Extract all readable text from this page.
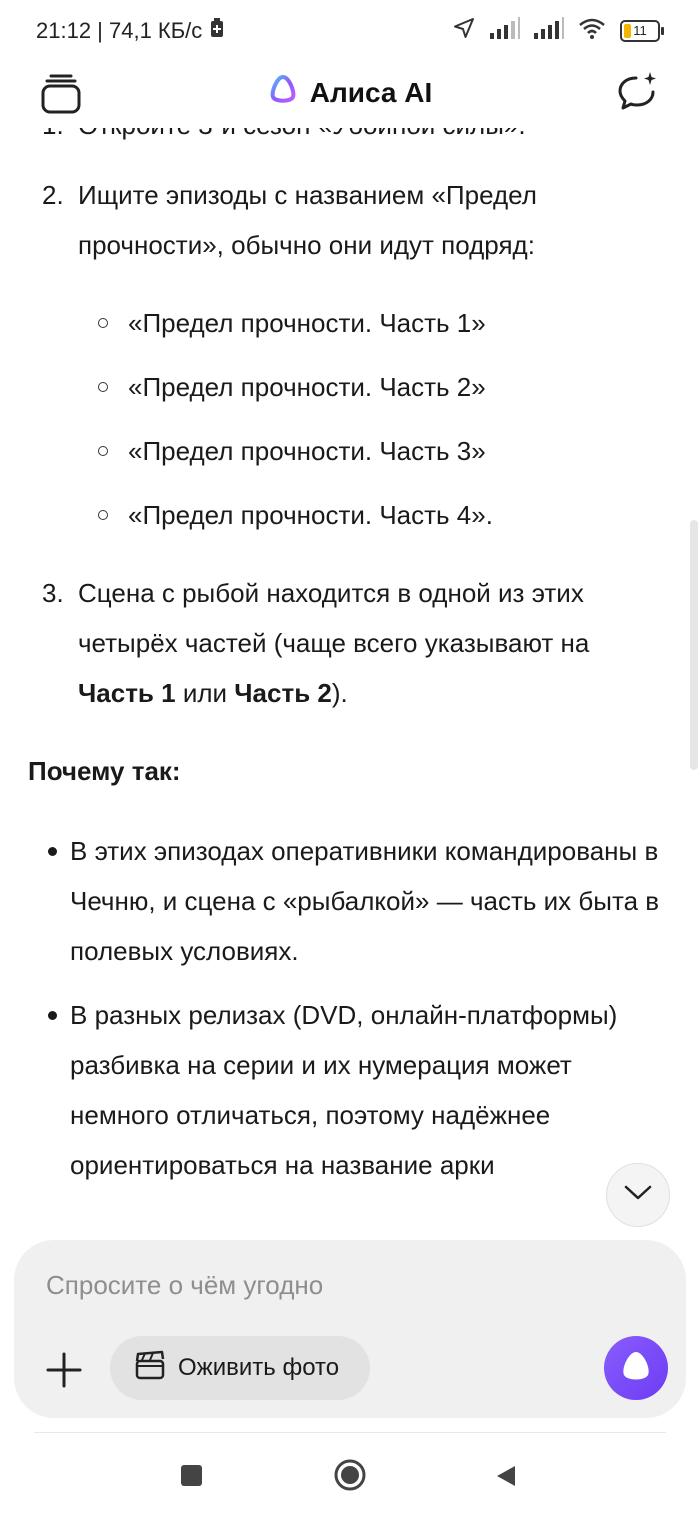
21:12 | 74,1 КБ/с	11
Алиса AI
2. Ищите эпизоды с названием «Предел прочности», обычно они идут подряд:
«Предел прочности. Часть 1»
«Предел прочности. Часть 2»
«Предел прочности. Часть 3»
«Предел прочности. Часть 4».
3. Сцена с рыбой находится в одной из этих четырёх частей (чаще всего указывают на Часть 1 или Часть 2).
Почему так:
В этих эпизодах оперативники командированы в Чечню, и сцена с «рыбалкой» — часть их быта в полевых условиях.
В разных релизах (DVD, онлайн-платформы) разбивка на серии и их нумерация может немного отличаться, поэтому надёжнее ориентироваться на название арки
Спросите о чём угодно
Оживить фото
